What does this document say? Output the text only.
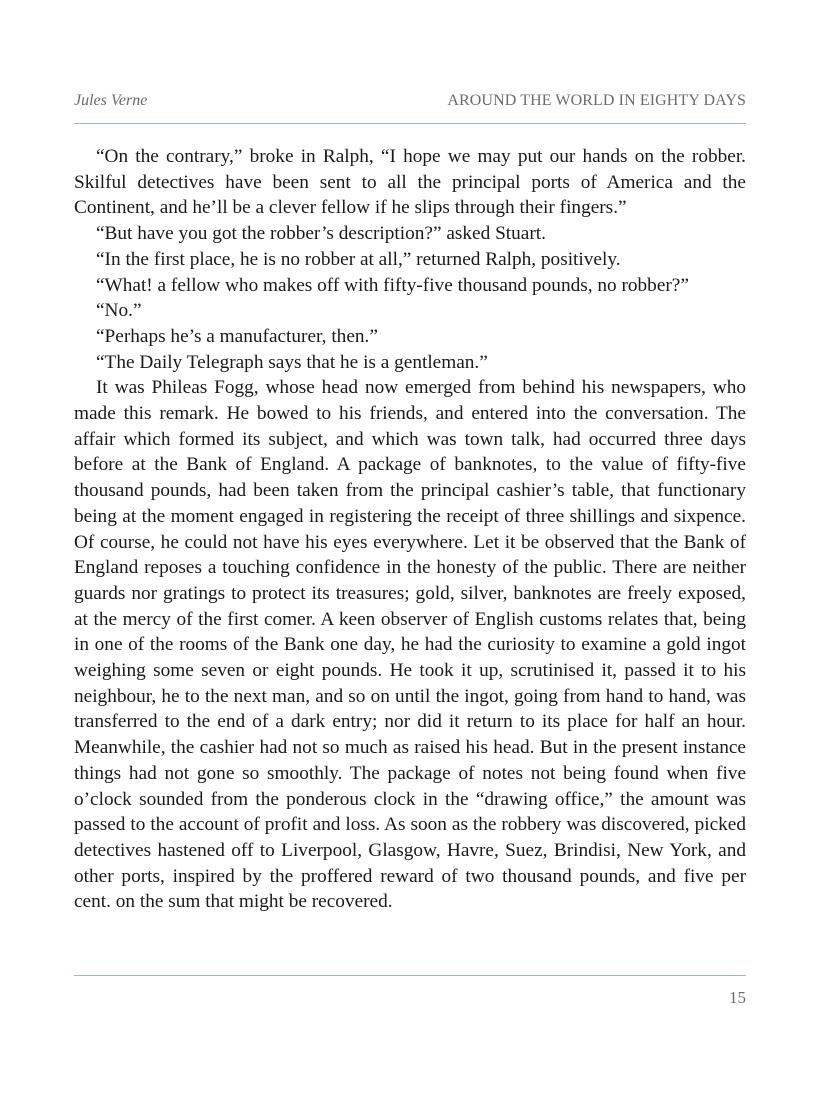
Jules Verne	AROUND THE WORLD IN EIGHTY DAYS

“On the contrary,” broke in Ralph, “I hope we may put our hands on the robber. Skilful detectives have been sent to all the principal ports of America and the Continent, and he’ll be a clever fellow if he slips through their fingers.”

“But have you got the robber’s description?” asked Stuart.

“In the first place, he is no robber at all,” returned Ralph, positively.

“What! a fellow who makes off with fifty-five thousand pounds, no robber?”

“No.”

“Perhaps he’s a manufacturer, then.”

“The Daily Telegraph says that he is a gentleman.”

It was Phileas Fogg, whose head now emerged from behind his newspapers, who made this remark. He bowed to his friends, and entered into the conversation. The affair which formed its subject, and which was town talk, had occurred three days before at the Bank of England. A package of banknotes, to the value of fifty-five thousand pounds, had been taken from the principal cashier’s table, that functionary being at the moment engaged in registering the receipt of three shillings and sixpence. Of course, he could not have his eyes everywhere. Let it be observed that the Bank of England reposes a touching confidence in the honesty of the public. There are neither guards nor gratings to protect its treasures; gold, silver, banknotes are freely exposed, at the mercy of the first comer. A keen observer of English customs relates that, being in one of the rooms of the Bank one day, he had the curiosity to examine a gold ingot weighing some seven or eight pounds. He took it up, scrutinised it, passed it to his neighbour, he to the next man, and so on until the ingot, going from hand to hand, was transferred to the end of a dark entry; nor did it return to its place for half an hour. Meanwhile, the cashier had not so much as raised his head. But in the present instance things had not gone so smoothly. The package of notes not being found when five o’clock sounded from the ponderous clock in the “drawing office,” the amount was passed to the account of profit and loss. As soon as the robbery was discovered, picked detectives hastened off to Liverpool, Glasgow, Havre, Suez, Brindisi, New York, and other ports, inspired by the proffered reward of two thousand pounds, and five per cent. on the sum that might be recovered.

15
